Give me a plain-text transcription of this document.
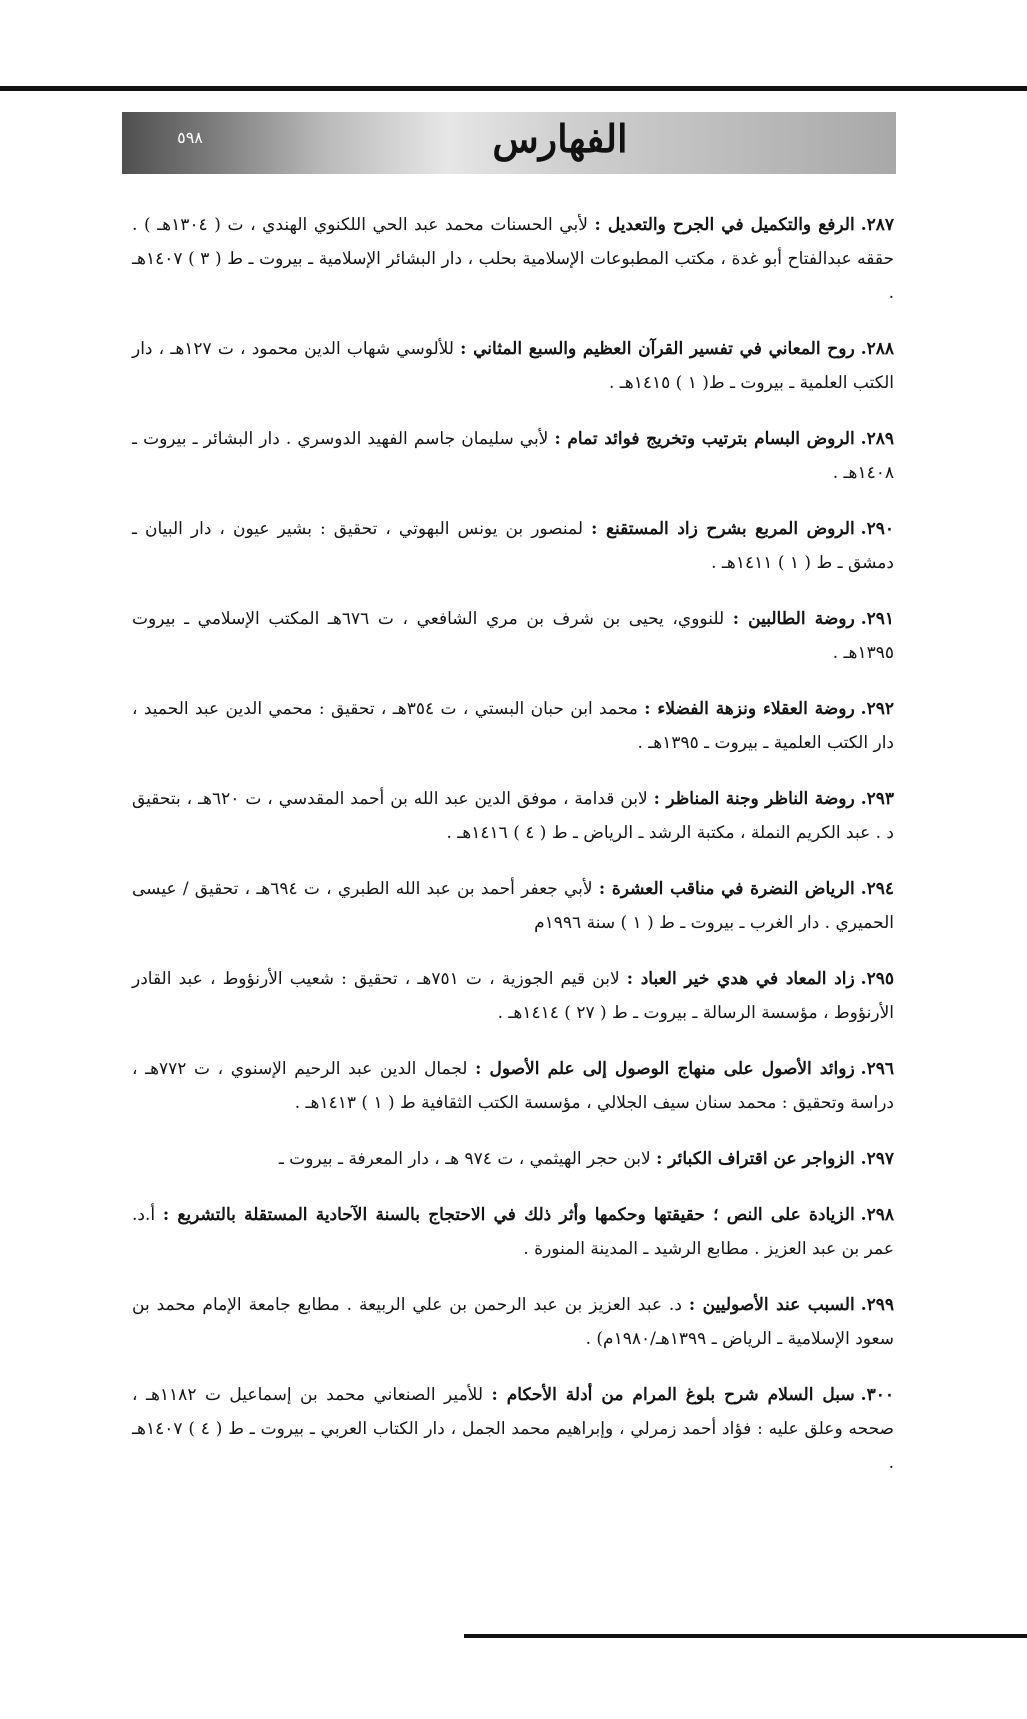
الفهارس
٥٩٨

٢٨٧.الرفع والتكميل في الجرح والتعديل : لأبي الحسنات محمد عبد الحي اللكنوي الهندي ، ت ( ١٣٠٤هـ ) . حققه عبدالفتاح أبو غدة ، مكتب المطبوعات الإسلامية بحلب ، دار البشائر الإسلامية ـ بيروت ـ ط ( ٣ ) ١٤٠٧هـ .

٢٨٨.روح المعاني في تفسير القرآن العظيم والسبع المثاني : للألوسي شهاب الدين محمود ، ت ١٢٧هـ ، دار الكتب العلمية ـ بيروت ـ ط( ١ ) ١٤١٥هـ .

٢٨٩.الروض البسام بترتيب وتخريج فوائد تمام : لأبي سليمان جاسم الفهيد الدوسري . دار البشائر ـ بيروت ـ ١٤٠٨هـ .

٢٩٠.الروض المربع بشرح زاد المستقنع : لمنصور بن يونس البهوتي ، تحقيق : بشير عيون ، دار البيان ـ دمشق ـ ط ( ١ ) ١٤١١هـ .

٢٩١.روضة الطالبين : للنووي، يحيى بن شرف بن مري الشافعي ، ت ٦٧٦هـ المكتب الإسلامي ـ بيروت ١٣٩٥هـ .

٢٩٢.روضة العقلاء ونزهة الفضلاء : محمد ابن حبان البستي ، ت ٣٥٤هـ ، تحقيق : محمي الدين عبد الحميد ، دار الكتب العلمية ـ بيروت ـ ١٣٩٥هـ .

٢٩٣.روضة الناظر وجنة المناظر : لابن قدامة ، موفق الدين عبد الله بن أحمد المقدسي ، ت ٦٢٠هـ ، بتحقيق د . عبد الكريم النملة ، مكتبة الرشد ـ الرياض ـ ط ( ٤ ) ١٤١٦هـ .

٢٩٤.الرياض النضرة في مناقب العشرة : لأبي جعفر أحمد بن عبد الله الطبري ، ت ٦٩٤هـ ، تحقيق / عيسى الحميري . دار الغرب ـ بيروت ـ ط ( ١ ) سنة ١٩٩٦م

٢٩٥.زاد المعاد في هدي خير العباد : لابن قيم الجوزية ، ت ٧٥١هـ ، تحقيق : شعيب الأرنؤوط ، عبد القادر الأرنؤوط ، مؤسسة الرسالة ـ بيروت ـ ط ( ٢٧ ) ١٤١٤هـ .

٢٩٦.زوائد الأصول على منهاج الوصول إلى علم الأصول : لجمال الدين عبد الرحيم الإسنوي ، ت ٧٧٢هـ ، دراسة وتحقيق : محمد سنان سيف الجلالي ، مؤسسة الكتب الثقافية ط ( ١ ) ١٤١٣هـ .

٢٩٧.الزواجر عن اقتراف الكبائر : لابن حجر الهيثمي ، ت ٩٧٤ هـ ، دار المعرفة ـ بيروت ـ

٢٩٨.الزيادة على النص ؛ حقيقتها وحكمها وأثر ذلك في الاحتجاج بالسنة الآحادية المستقلة بالتشريع : أ.د. عمر بن عبد العزيز . مطابع الرشيد ـ المدينة المنورة .

٢٩٩.السبب عند الأصوليين : د. عبد العزيز بن عبد الرحمن بن علي الربيعة . مطابع جامعة الإمام محمد بن سعود الإسلامية ـ الرياض ـ ١٣٩٩هـ/١٩٨٠م) .

٣٠٠.سبل السلام شرح بلوغ المرام من أدلة الأحكام : للأمير الصنعاني محمد بن إسماعيل ت ١١٨٢هـ ، صححه وعلق عليه : فؤاد أحمد زمرلي ، وإبراهيم محمد الجمل ، دار الكتاب العربي ـ بيروت ـ ط ( ٤ ) ١٤٠٧هـ .
